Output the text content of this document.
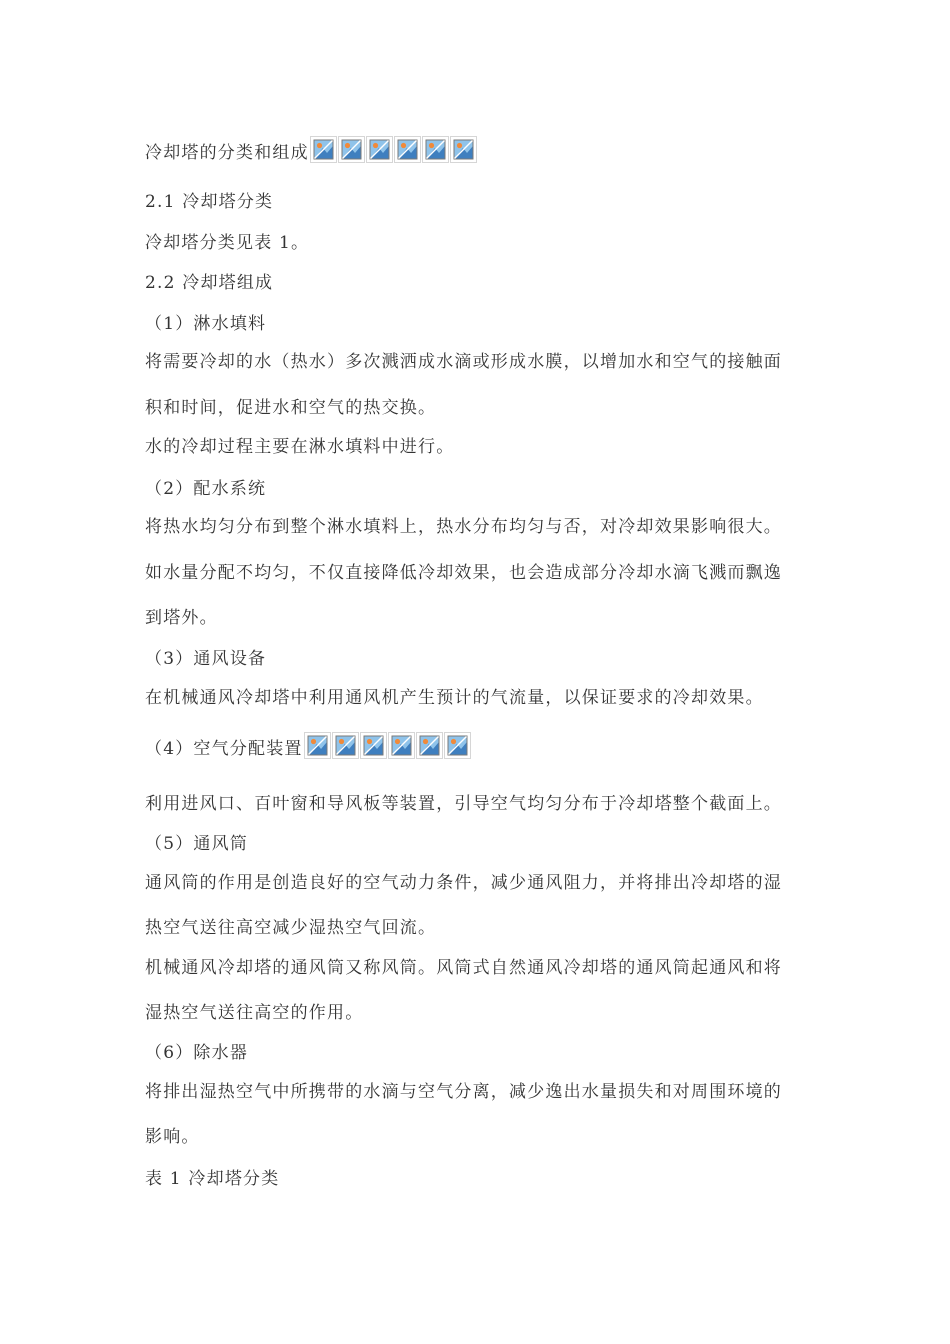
冷却塔的分类和组成
2.1 冷却塔分类
冷却塔分类见表 1。
2.2 冷却塔组成
（1）淋水填料
将需要冷却的水（热水）多次溅洒成水滴或形成水膜，以增加水和空气的接触面
积和时间，促进水和空气的热交换。
水的冷却过程主要在淋水填料中进行。
（2）配水系统
将热水均匀分布到整个淋水填料上，热水分布均匀与否，对冷却效果影响很大。
如水量分配不均匀，不仅直接降低冷却效果，也会造成部分冷却水滴飞溅而飘逸
到塔外。
（3）通风设备
在机械通风冷却塔中利用通风机产生预计的气流量，以保证要求的冷却效果。
（4）空气分配装置
利用进风口、百叶窗和导风板等装置，引导空气均匀分布于冷却塔整个截面上。
（5）通风筒
通风筒的作用是创造良好的空气动力条件，减少通风阻力，并将排出冷却塔的湿
热空气送往高空减少湿热空气回流。
机械通风冷却塔的通风筒又称风筒。风筒式自然通风冷却塔的通风筒起通风和将
湿热空气送往高空的作用。
（6）除水器
将排出湿热空气中所携带的水滴与空气分离，减少逸出水量损失和对周围环境的
影响。
表 1 冷却塔分类
